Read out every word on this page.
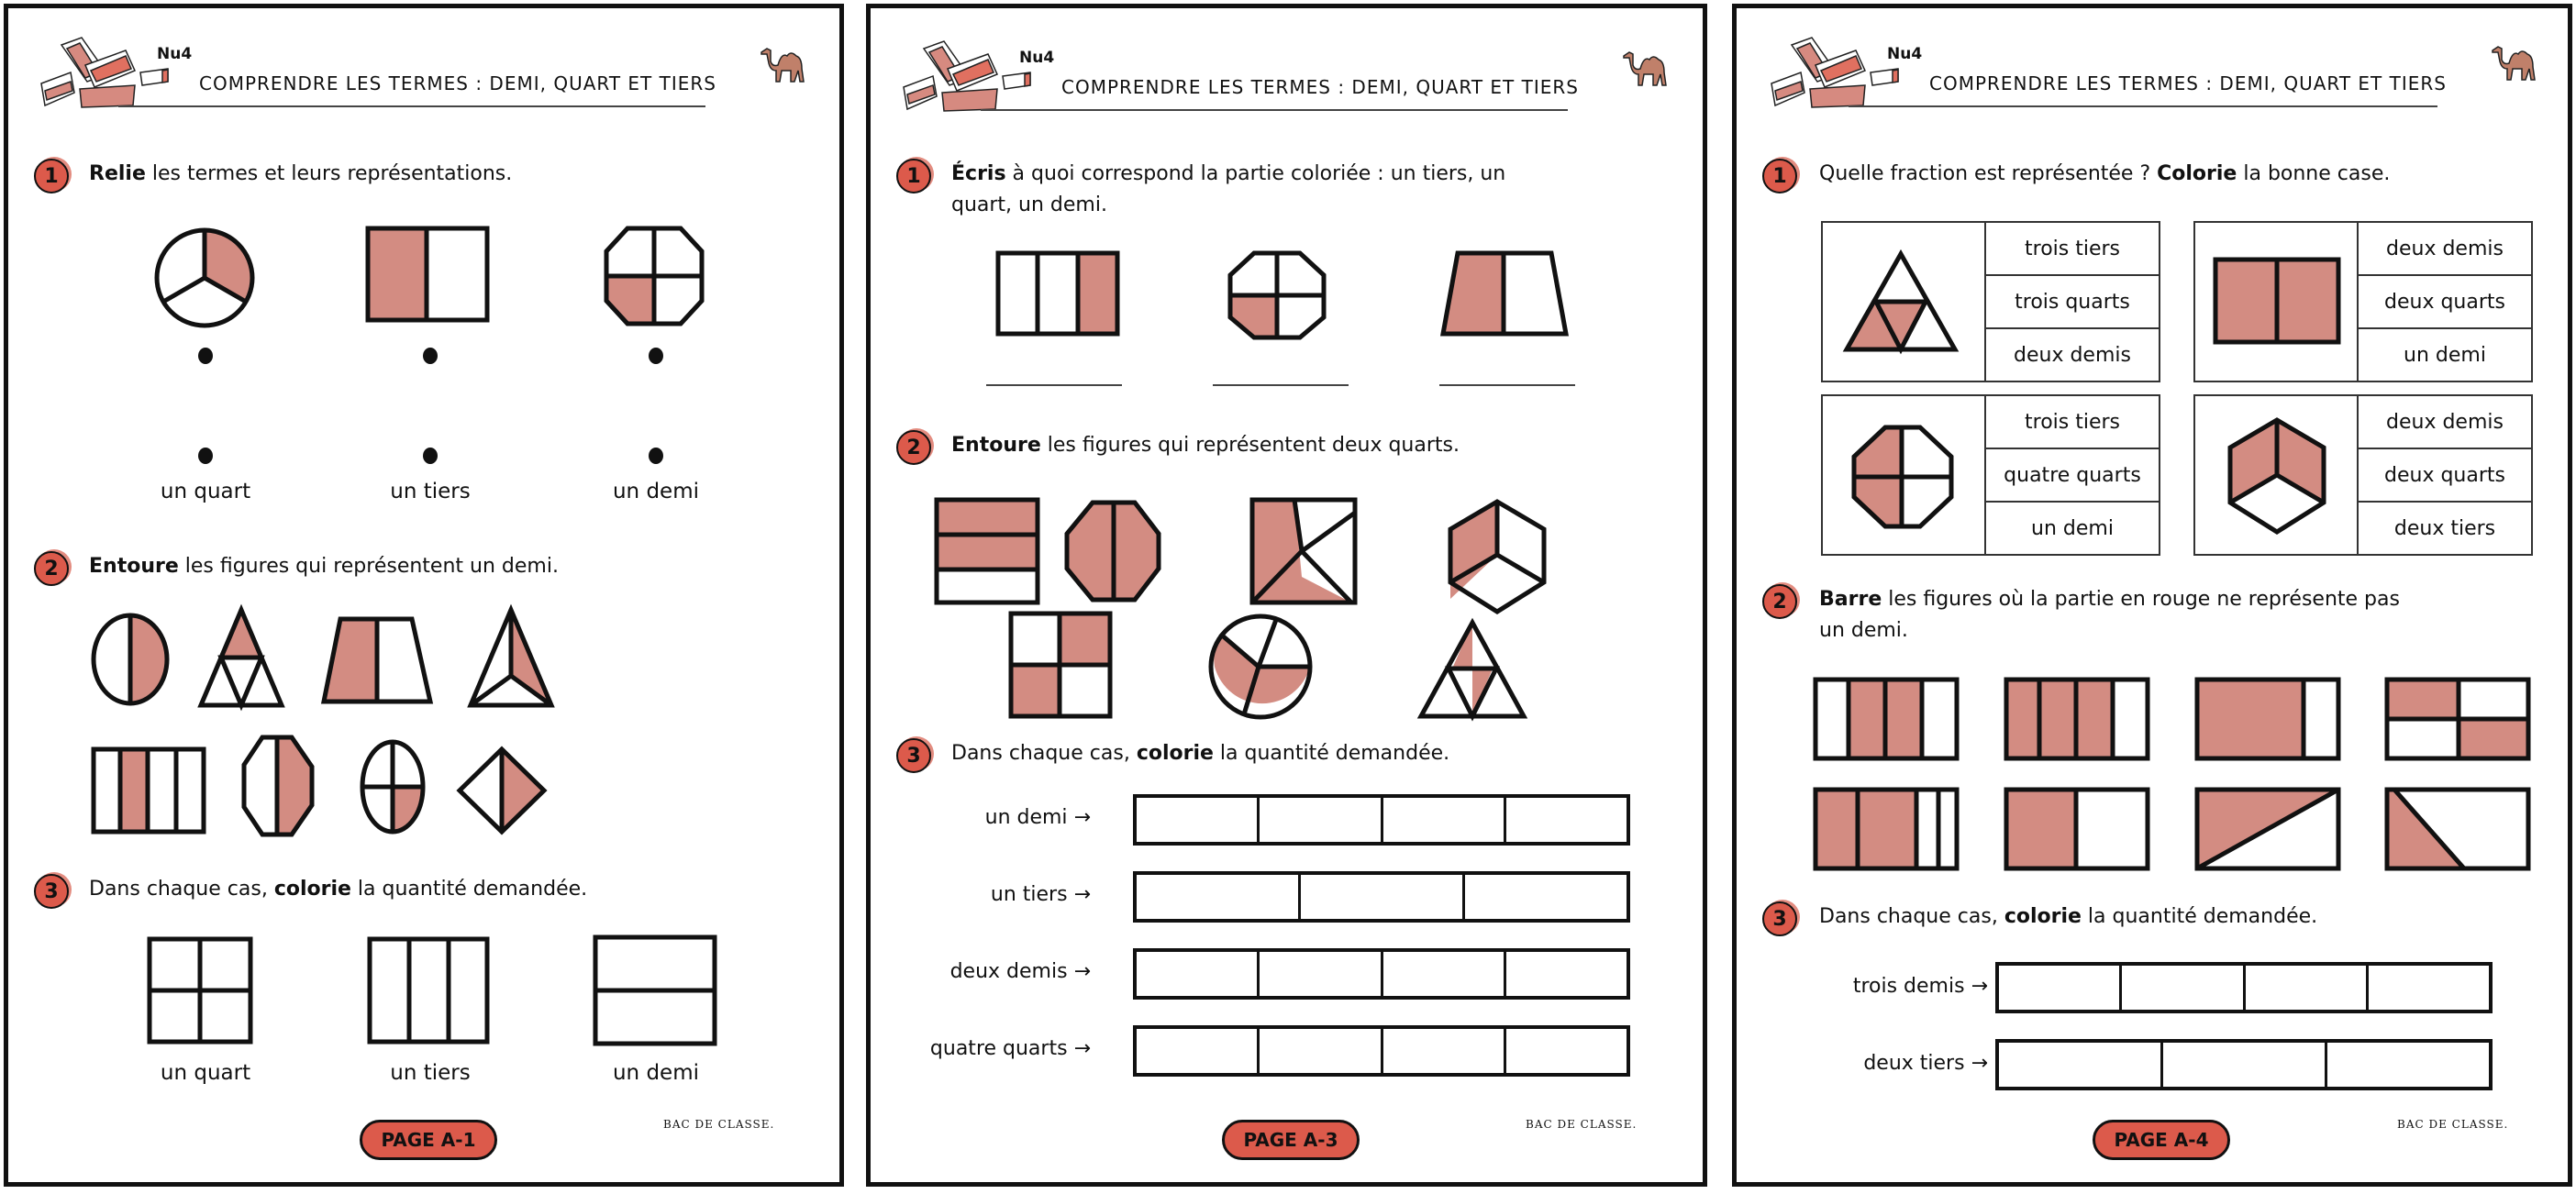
Nu4
COMPRENDRE LES TERMES : DEMI, QUART ET TIERS
1	Relie les termes et leurs représentations.
un quart	un tiers	un demi
2	Entoure les figures qui représentent un demi.
3	Dans chaque cas, colorie la quantité demandée.
un quart	un tiers	un demi
PAGE A-1
BAC DE CLASSE.
Nu4
COMPRENDRE LES TERMES : DEMI, QUART ET TIERS
1	Écris à quoi correspond la partie coloriée : un tiers, un
quart, un demi.
2	Entoure les figures qui représentent deux quarts.
3	Dans chaque cas, colorie la quantité demandée.
un demi →
un tiers →
deux demis →
quatre quarts →
PAGE A-3
BAC DE CLASSE.
Nu4
COMPRENDRE LES TERMES : DEMI, QUART ET TIERS
1	Quelle fraction est représentée ? Colorie la bonne case.
trois tiers
trois quarts
deux demis
deux demis
deux quarts
un demi
trois tiers
quatre quarts
un demi
deux demis
deux quarts
deux tiers
2	Barre les figures où la partie en rouge ne représente pas
un demi.
3	Dans chaque cas, colorie la quantité demandée.
trois demis →
deux tiers →
PAGE A-4
BAC DE CLASSE.
